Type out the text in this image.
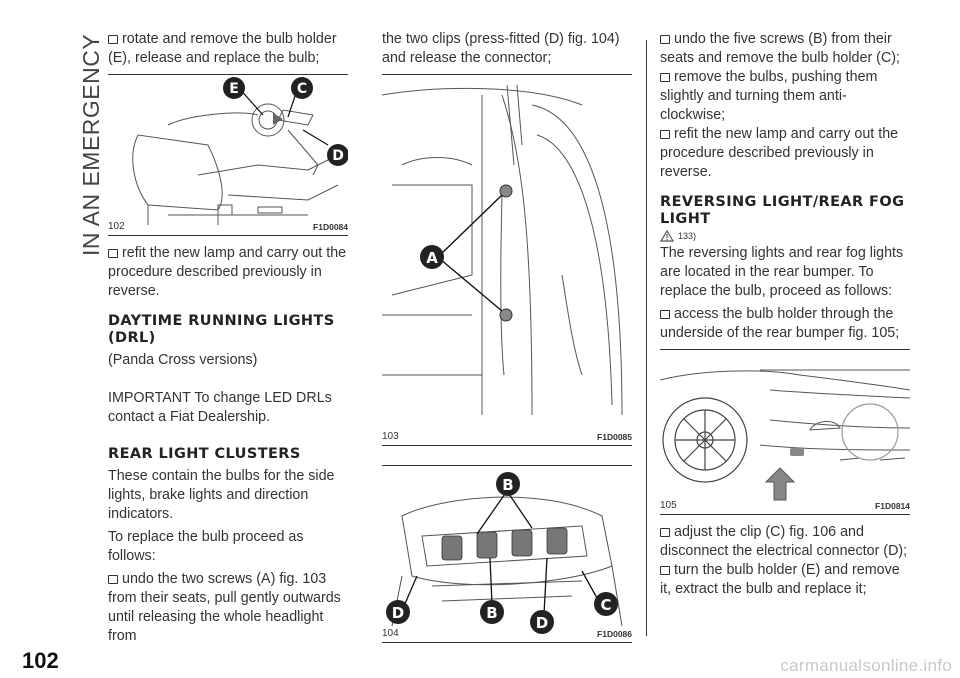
IN AN EMERGENCY	rotate and remove the bulb holder (E), release and replace the bulb;

E	C
D
102	F1D0084

refit the new lamp and carry out the procedure described previously in reverse.

DAYTIME RUNNING LIGHTS (DRL)

(Panda Cross versions)

IMPORTANT To change LED DRLs contact a Fiat Dealership.

REAR LIGHT CLUSTERS

These contain the bulbs for the side lights, brake lights and direction indicators.

To replace the bulb proceed as follows:

undo the two screws (A) fig. 103 from their seats, pull gently outwards until releasing the whole headlight from

the two clips (press-fitted (D) fig. 104) and release the connector;

A
103	F1D0085
B
D	C
B
D
104	F1D0086

undo the five screws (B) from their seats and remove the bulb holder (C);

remove the bulbs, pushing them slightly and turning them anti-clockwise;

refit the new lamp and carry out the procedure described previously in reverse.

REVERSING LIGHT/REAR FOG LIGHT
133)

The reversing lights and rear fog lights are located in the rear bumper. To replace the bulb, proceed as follows:

access the bulb holder through the underside of the rear bumper fig. 105;

105	F1D0814

adjust the clip (C) fig. 106 and disconnect the electrical connector (D);

turn the bulb holder (E) and remove it, extract the bulb and replace it;

102	carmanualsonline.info
